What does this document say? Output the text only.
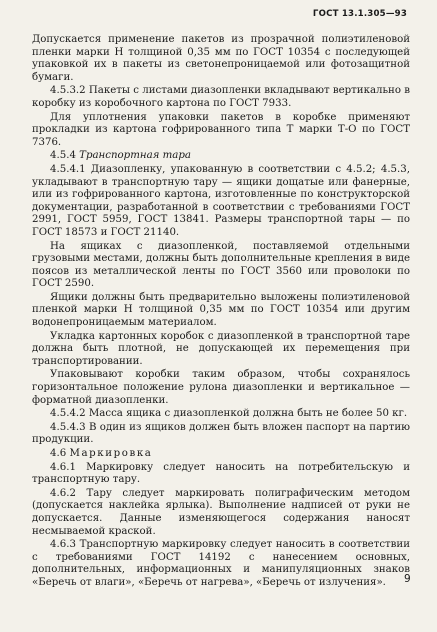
ГОСТ 13.1.305—93

Допускается применение пакетов из прозрачной полиэтиленовой пленки марки Н толщиной 0,35 мм по ГОСТ 10354 с последующей упаковкой их в пакеты из светонепроницаемой или фотозащитной бумаги.

4.5.3.2 Пакеты с листами диазопленки вкладывают вертикально в коробку из коробочного картона по ГОСТ 7933.

Для уплотнения упаковки пакетов в коробке применяют прокладки из картона гофрированного типа Т марки Т-О по ГОСТ 7376.

4.5.4 Транспортная тара

4.5.4.1 Диазопленку, упакованную в соответствии с 4.5.2; 4.5.3, укладывают в транспортную тару — ящики дощатые или фанерные, или из гофрированного картона, изготовленные по конструкторской документации, разработанной в соответствии с требованиями ГОСТ 2991, ГОСТ 5959, ГОСТ 13841. Размеры транспортной тары — по ГОСТ 18573 и ГОСТ 21140.

На ящиках с диазопленкой, поставляемой отдельными грузовыми местами, должны быть дополнительные крепления в виде поясов из металлической ленты по ГОСТ 3560 или проволоки по ГОСТ 2590.

Ящики должны быть предварительно выложены полиэтиленовой пленкой марки Н толщиной 0,35 мм по ГОСТ 10354 или другим водонепроницаемым материалом.

Укладка картонных коробок с диазопленкой в транспортной таре должна быть плотной, не допускающей их перемещения при транспортировании.

Упаковывают коробки таким образом, чтобы сохранялось горизонтальное положение рулона диазопленки и вертикальное — форматной диазопленки.

4.5.4.2 Масса ящика с диазопленкой должна быть не более 50 кг.

4.5.4.3 В один из ящиков должен быть вложен паспорт на партию продукции.

4.6 Маркировка

4.6.1 Маркировку следует наносить на потребительскую и транспортную тару.

4.6.2 Тару следует маркировать полиграфическим методом (допускается наклейка ярлыка). Выполнение надписей от руки не допускается. Данные изменяющегося содержания наносят несмываемой краской.

4.6.3 Транспортную маркировку следует наносить в соответствии с требованиями ГОСТ 14192 с нанесением основных, дополнительных, информационных и манипуляционных знаков «Беречь от влаги», «Беречь от нагрева», «Беречь от излучения».	9
